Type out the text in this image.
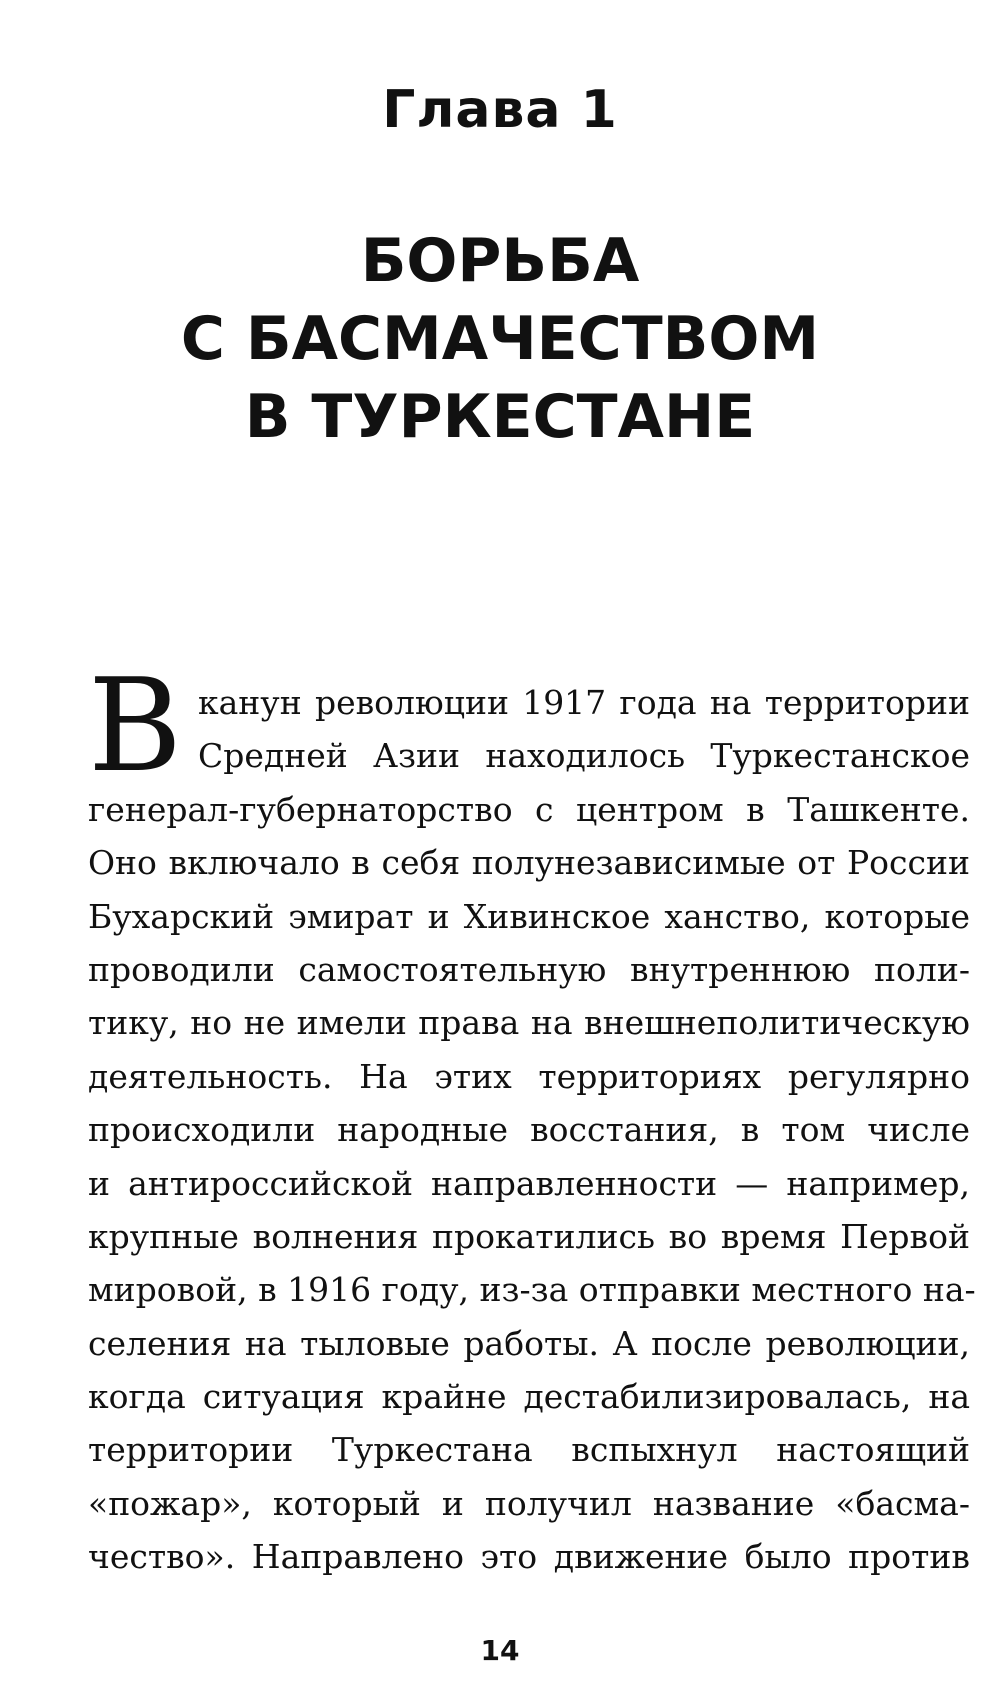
Глава 1
БОРЬБА
С БАСМАЧЕСТВОМ
В ТУРКЕСТАНЕ
В канун революции 1917 года на территории
Средней Азии находилось Туркестанское
генерал-губернаторство с центром в Ташкенте.
Оно включало в себя полунезависимые от России
Бухарский эмират и Хивинское ханство, которые
проводили самостоятельную внутреннюю поли-
тику, но не имели права на внешнеполитическую
деятельность. На этих территориях регулярно
происходили народные восстания, в том числе
и антироссийской направленности — например,
крупные волнения прокатились во время Первой
мировой, в 1916 году, из-за отправки местного на-
селения на тыловые работы. А после революции,
когда ситуация крайне дестабилизировалась, на
территории Туркестана вспыхнул настоящий
«пожар», который и получил название «басма-
чество». Направлено это движение было против
14
